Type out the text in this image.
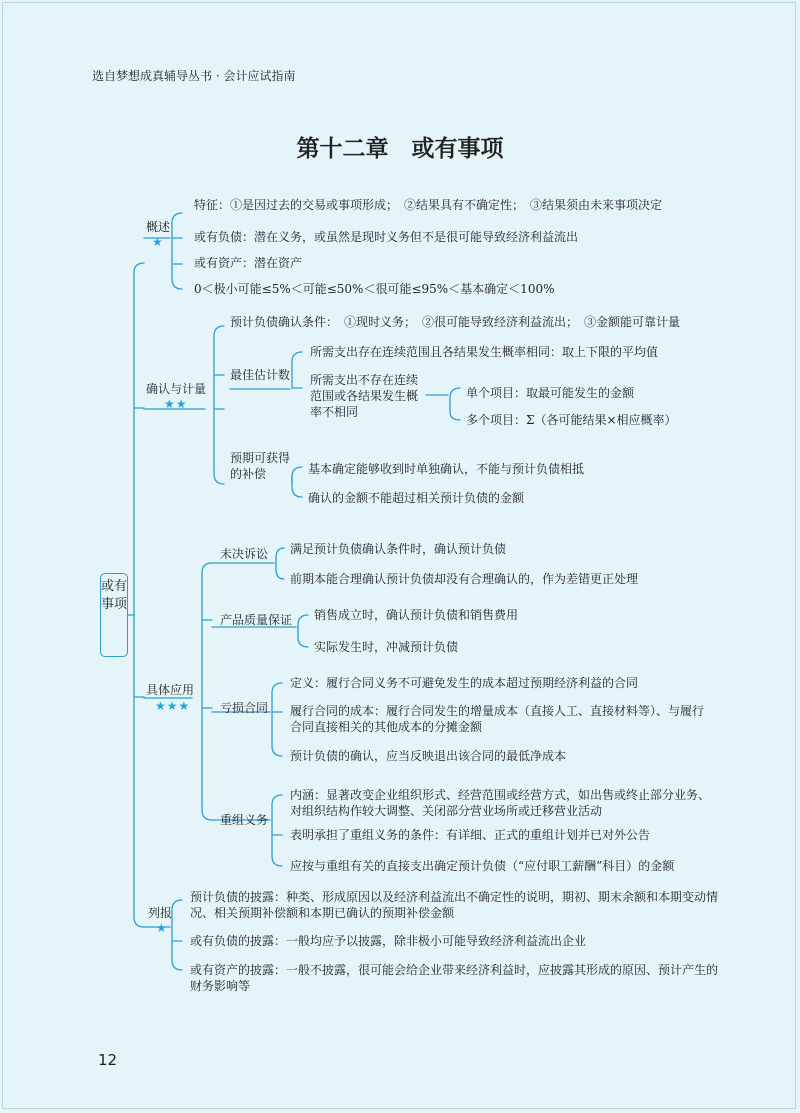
选自梦想成真辅导丛书 · 会计应试指南
第十二章　或有事项
或有事项
概述
★
特征：①是因过去的交易或事项形成；　②结果具有不确定性；　③结果须由未来事项决定
或有负债：潜在义务，或虽然是现时义务但不是很可能导致经济利益流出
或有资产：潜在资产
0＜极小可能≤5%＜可能≤50%＜很可能≤95%＜基本确定＜100%
确认与计量
★★
预计负债确认条件：　①现时义务；　②很可能导致经济利益流出；　③金额能可靠计量
最佳估计数
所需支出存在连续范围且各结果发生概率相同：取上下限的平均值
所需支出不存在连续范围或各结果发生概率不相同
单个项目：取最可能发生的金额
多个项目：Σ（各可能结果×相应概率）
预期可获得的补偿	基本确定能够收到时单独确认，不能与预计负债相抵
确认的金额不能超过相关预计负债的金额
具体应用
★★★
未决诉讼 满足预计负债确认条件时，确认预计负债
前期本能合理确认预计负债却没有合理确认的，作为差错更正处理
产品质量保证 销售成立时，确认预计负债和销售费用
实际发生时，冲减预计负债
亏损合同
定义：履行合同义务不可避免发生的成本超过预期经济利益的合同
履行合同的成本：履行合同发生的增量成本（直接人工、直接材料等）、与履行合同直接相关的其他成本的分摊金额
预计负债的确认，应当反映退出该合同的最低净成本
重组义务
内涵：显著改变企业组织形式、经营范围或经营方式，如出售或终止部分业务、对组织结构作较大调整、关闭部分营业场所或迁移营业活动
表明承担了重组义务的条件：有详细、正式的重组计划并已对外公告
应按与重组有关的直接支出确定预计负债（“应付职工薪酬”科目）的金额
列报
★
预计负债的披露：种类、形成原因以及经济利益流出不确定性的说明，期初、期末余额和本期变动情况、相关预期补偿额和本期已确认的预期补偿金额
或有负债的披露：一般均应予以披露，除非极小可能导致经济利益流出企业
或有资产的披露：一般不披露，很可能会给企业带来经济利益时，应披露其形成的原因、预计产生的财务影响等
12
